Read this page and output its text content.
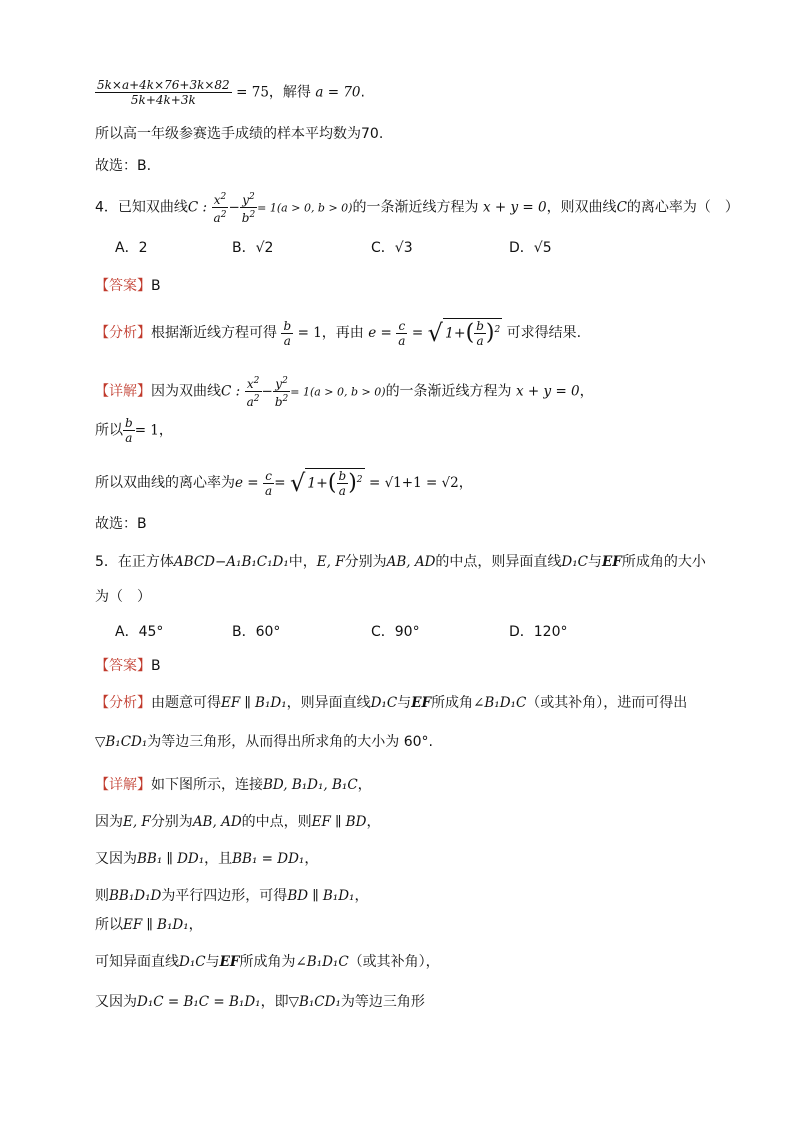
$\frac{5k\times a+4k\times 76+3k\times 82}{5k+4k+3k} = 75$，解得 a = 70.
所以高一年级参赛选手成绩的样本平均数为70.
故选：B.
4．已知双曲线C : $\frac{x^2}{a^2} - \frac{y^2}{b^2} = 1(a > 0$, b > 0)的一条渐近线方程为 x + y = 0，则双曲线C的离心率为（　）
A．2	B．√2	C．√3	D．√5
【答案】B
【分析】根据渐近线方程可得 $\frac{b}{a} = 1$，再由 $e = \frac{c}{a}$ = √ $1+( \frac{b}{a} )^2$ 可求得结果.
【详解】因为双曲线C : $\frac{x^2}{a^2} - \frac{y^2}{b^2} = 1(a > 0$, b > 0)的一条渐近线方程为 x + y = 0，
所以 $\frac{b}{a} = 1$，
所以双曲线的离心率为$e = \frac{c}{a}$ = √ $1+( \frac{b}{a} )^2 = √1+1 = √2$，
故选：B
5．在正方体ABCD−A₁B₁C₁D₁中，E, F分别为AB, AD的中点，则异面直线D₁C与EF所成角的大小
为（　）
A．45°	B．60°	C．90°	D．120°
【答案】B
【分析】由题意可得EF ∥ B₁D₁，则异面直线D₁C与EF所成角∠B₁D₁C（或其补角），进而可得出
▽B₁CD₁为等边三角形，从而得出所求角的大小为 60°.
【详解】如下图所示，连接BD, B₁D₁, B₁C，
因为E, F分别为AB, AD的中点，则EF ∥ BD，
又因为BB₁ ∥ DD₁，且BB₁ = DD₁，
则BB₁D₁D为平行四边形，可得BD ∥ B₁D₁，
所以EF ∥ B₁D₁，
可知异面直线D₁C与EF所成角为∠B₁D₁C（或其补角），
又因为D₁C = B₁C = B₁D₁，即▽B₁CD₁为等边三角形
